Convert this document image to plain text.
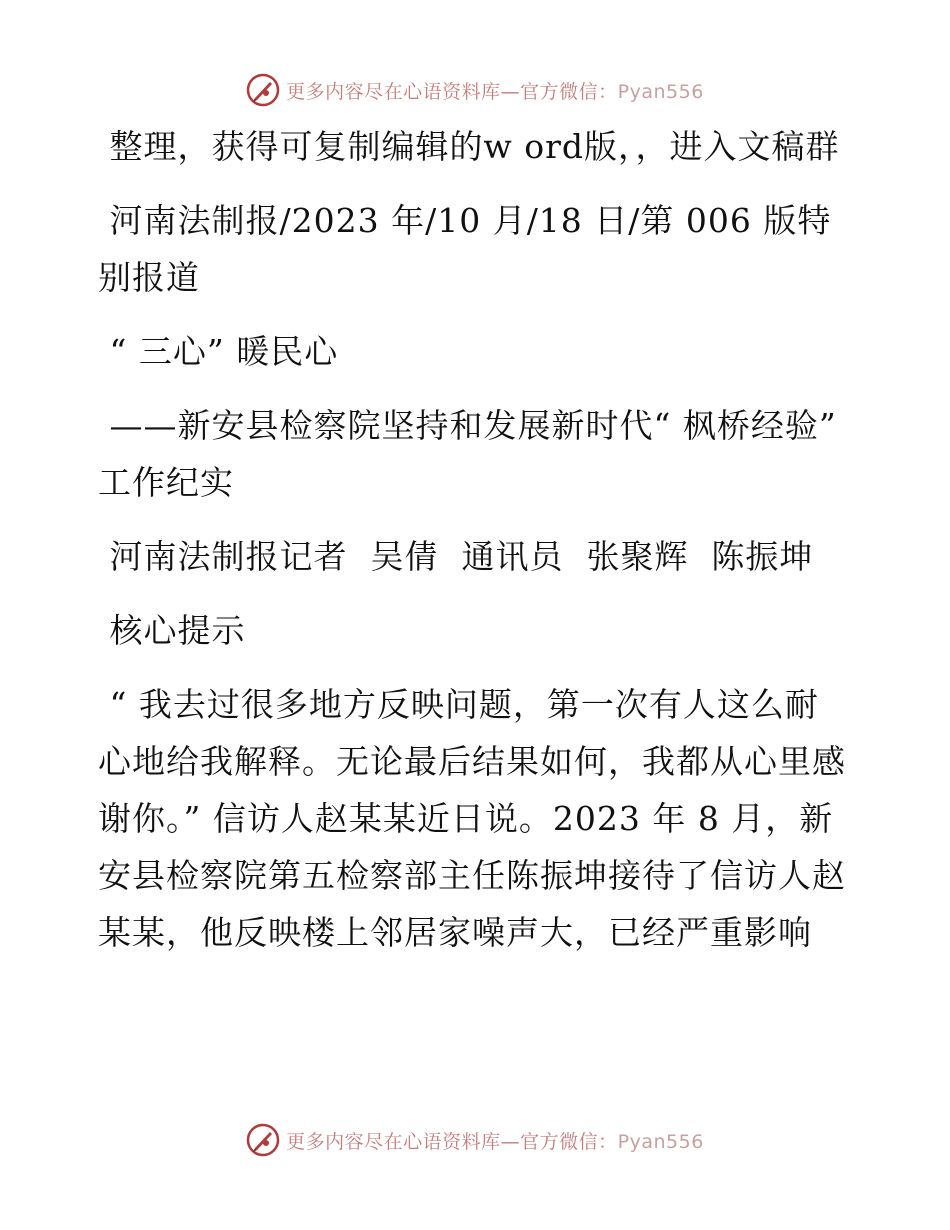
更多内容尽在心语资料库—官方微信：Pyan556

整理，获得可复制编辑的w ord版，，进入文稿群

河南法制报/2023 年/10 月/18 日/第 006 版特别报道

“ 三心” 暖民心

——新安县检察院坚持和发展新时代“ 枫桥经验” 工作纪实

河南法制报记者  吴倩  通讯员  张聚辉  陈振坤

核心提示

“ 我去过很多地方反映问题，第一次有人这么耐心地给我解释。无论最后结果如何，我都从心里感谢你。” 信访人赵某某近日说。2023 年 8 月，新安县检察院第五检察部主任陈振坤接待了信访人赵某某，他反映楼上邻居家噪声大，已经严重影响

更多内容尽在心语资料库—官方微信：Pyan556
